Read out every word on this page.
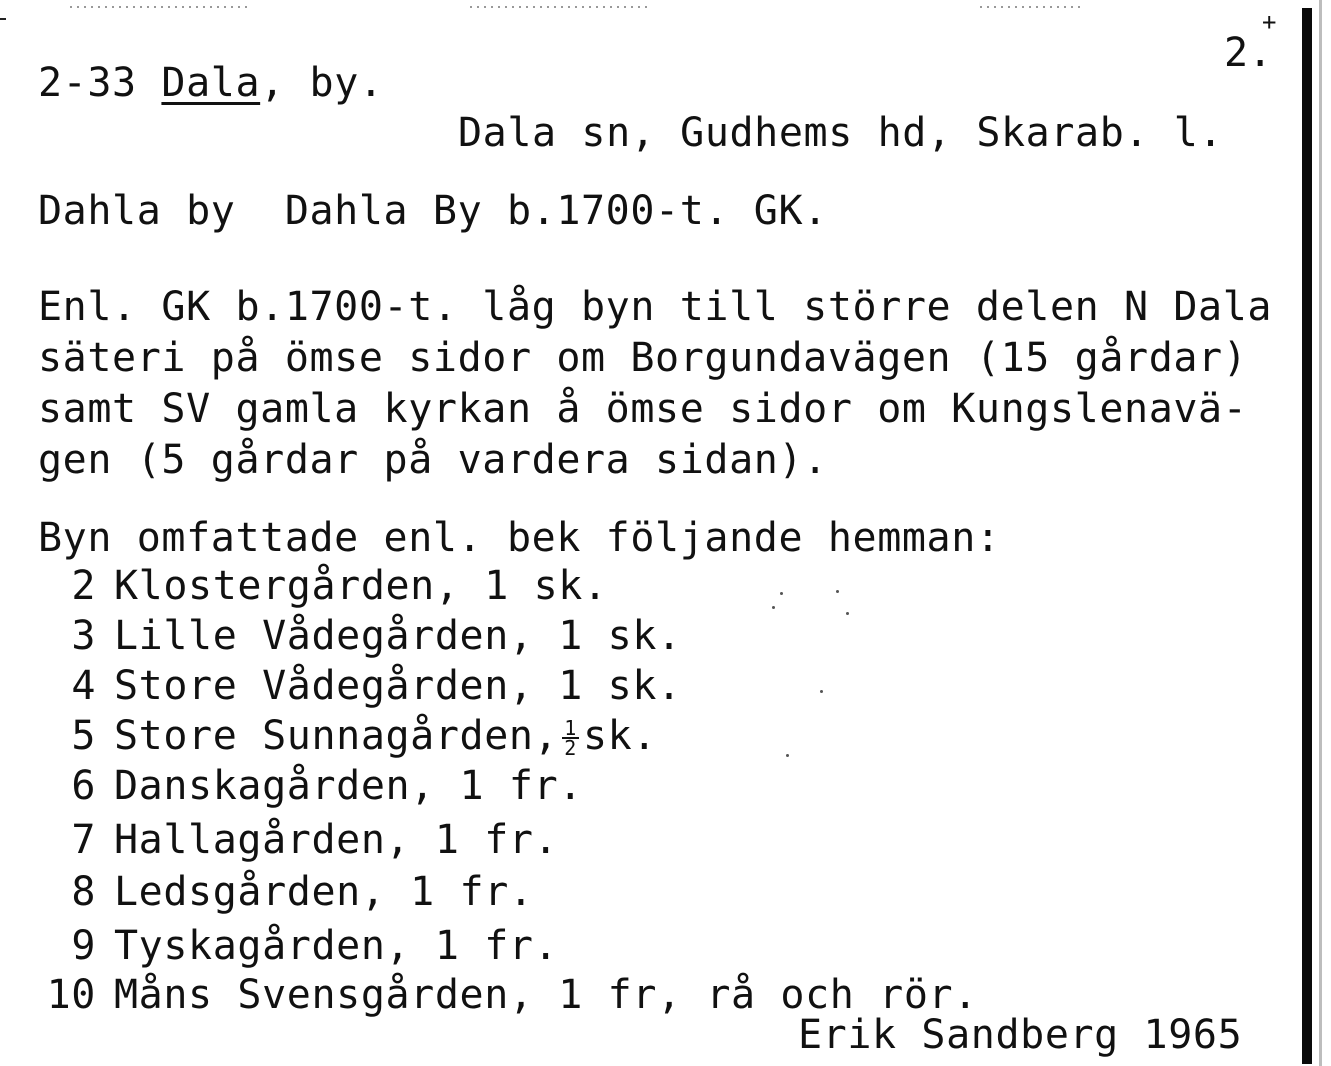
2.
+
2-33 Dala, by.
Dala sn, Gudhems hd, Skarab. l.
Dahla by  Dahla By b.1700-t. GK.
Enl. GK b.1700-t. låg byn till större delen N Dala
säteri på ömse sidor om Borgundavägen (15 gårdar)
samt SV gamla kyrkan å ömse sidor om Kungslenavä-
gen (5 gårdar på vardera sidan).
Byn omfattade enl. bek följande hemman:
2 Klostergården, 1 sk.
3 Lille Vådegården, 1 sk.
4 Store Vådegården, 1 sk.
5 Store Sunnagården, $\frac{1}{2}$ sk.
6 Danskagården, 1 fr.
7 Hallagården, 1 fr.
8 Ledsgården, 1 fr.
9 Tyskagården, 1 fr.
10 Måns Svensgården, 1 fr, rå och rör.
Erik Sandberg 1965
